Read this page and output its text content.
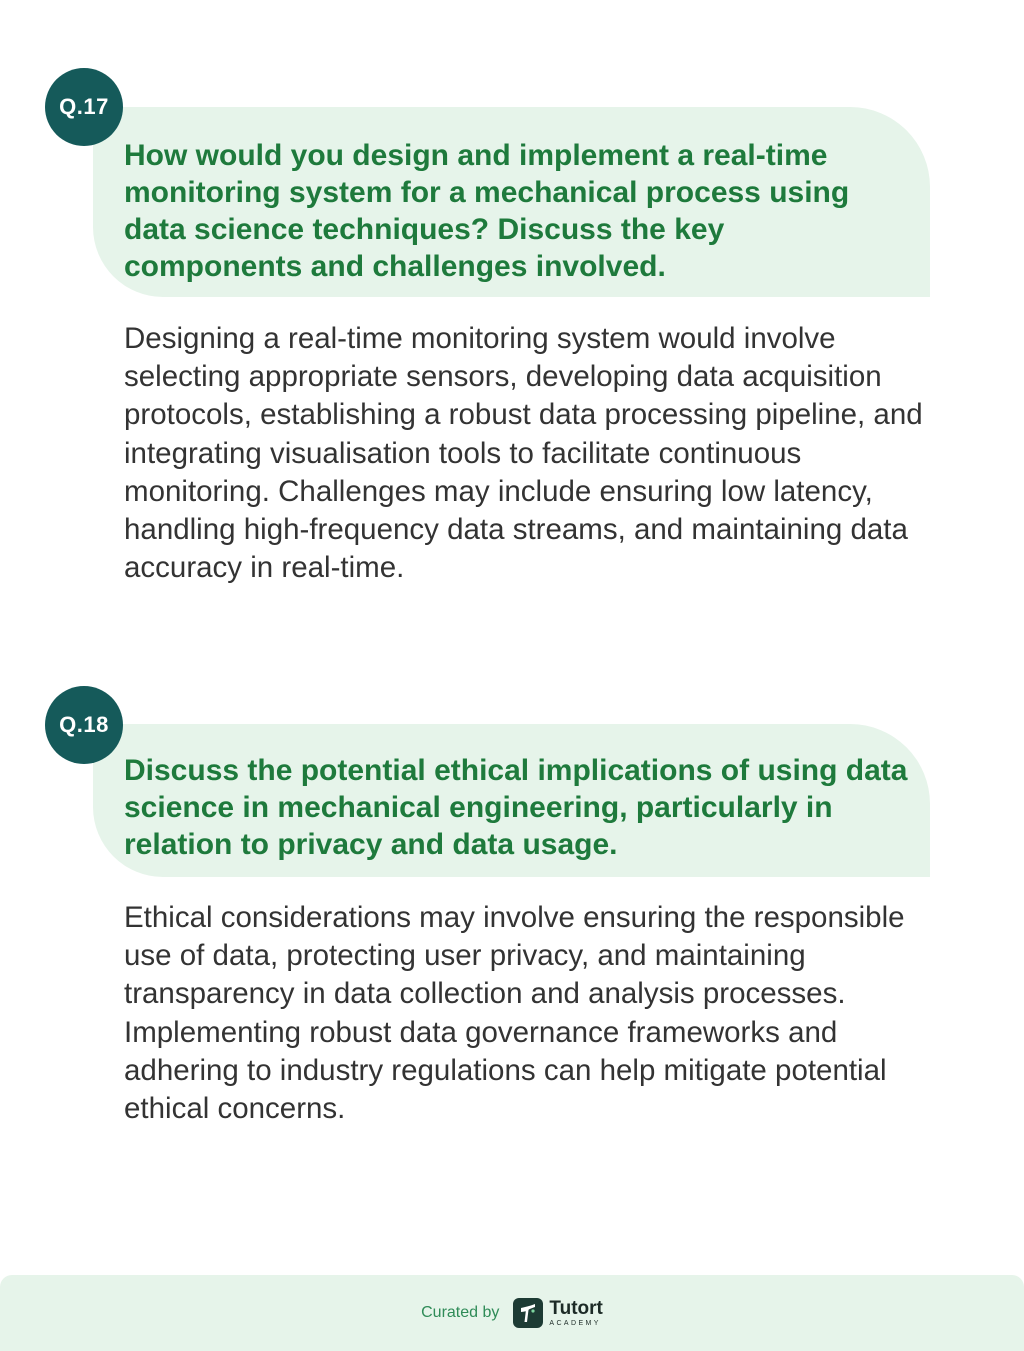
Q.17

How would you design and implement a real-time monitoring system for a mechanical process using data science techniques? Discuss the key components and challenges involved.

Designing a real-time monitoring system would involve selecting appropriate sensors, developing data acquisition protocols, establishing a robust data processing pipeline, and integrating visualisation tools to facilitate continuous monitoring. Challenges may include ensuring low latency, handling high-frequency data streams, and maintaining data accuracy in real-time.

Q.18

Discuss the potential ethical implications of using data science in mechanical engineering, particularly in relation to privacy and data usage.

Ethical considerations may involve ensuring the responsible use of data, protecting user privacy, and maintaining transparency in data collection and analysis processes. Implementing robust data governance frameworks and adhering to industry regulations can help mitigate potential ethical concerns.

Curated by	Tutort
ACADEMY
